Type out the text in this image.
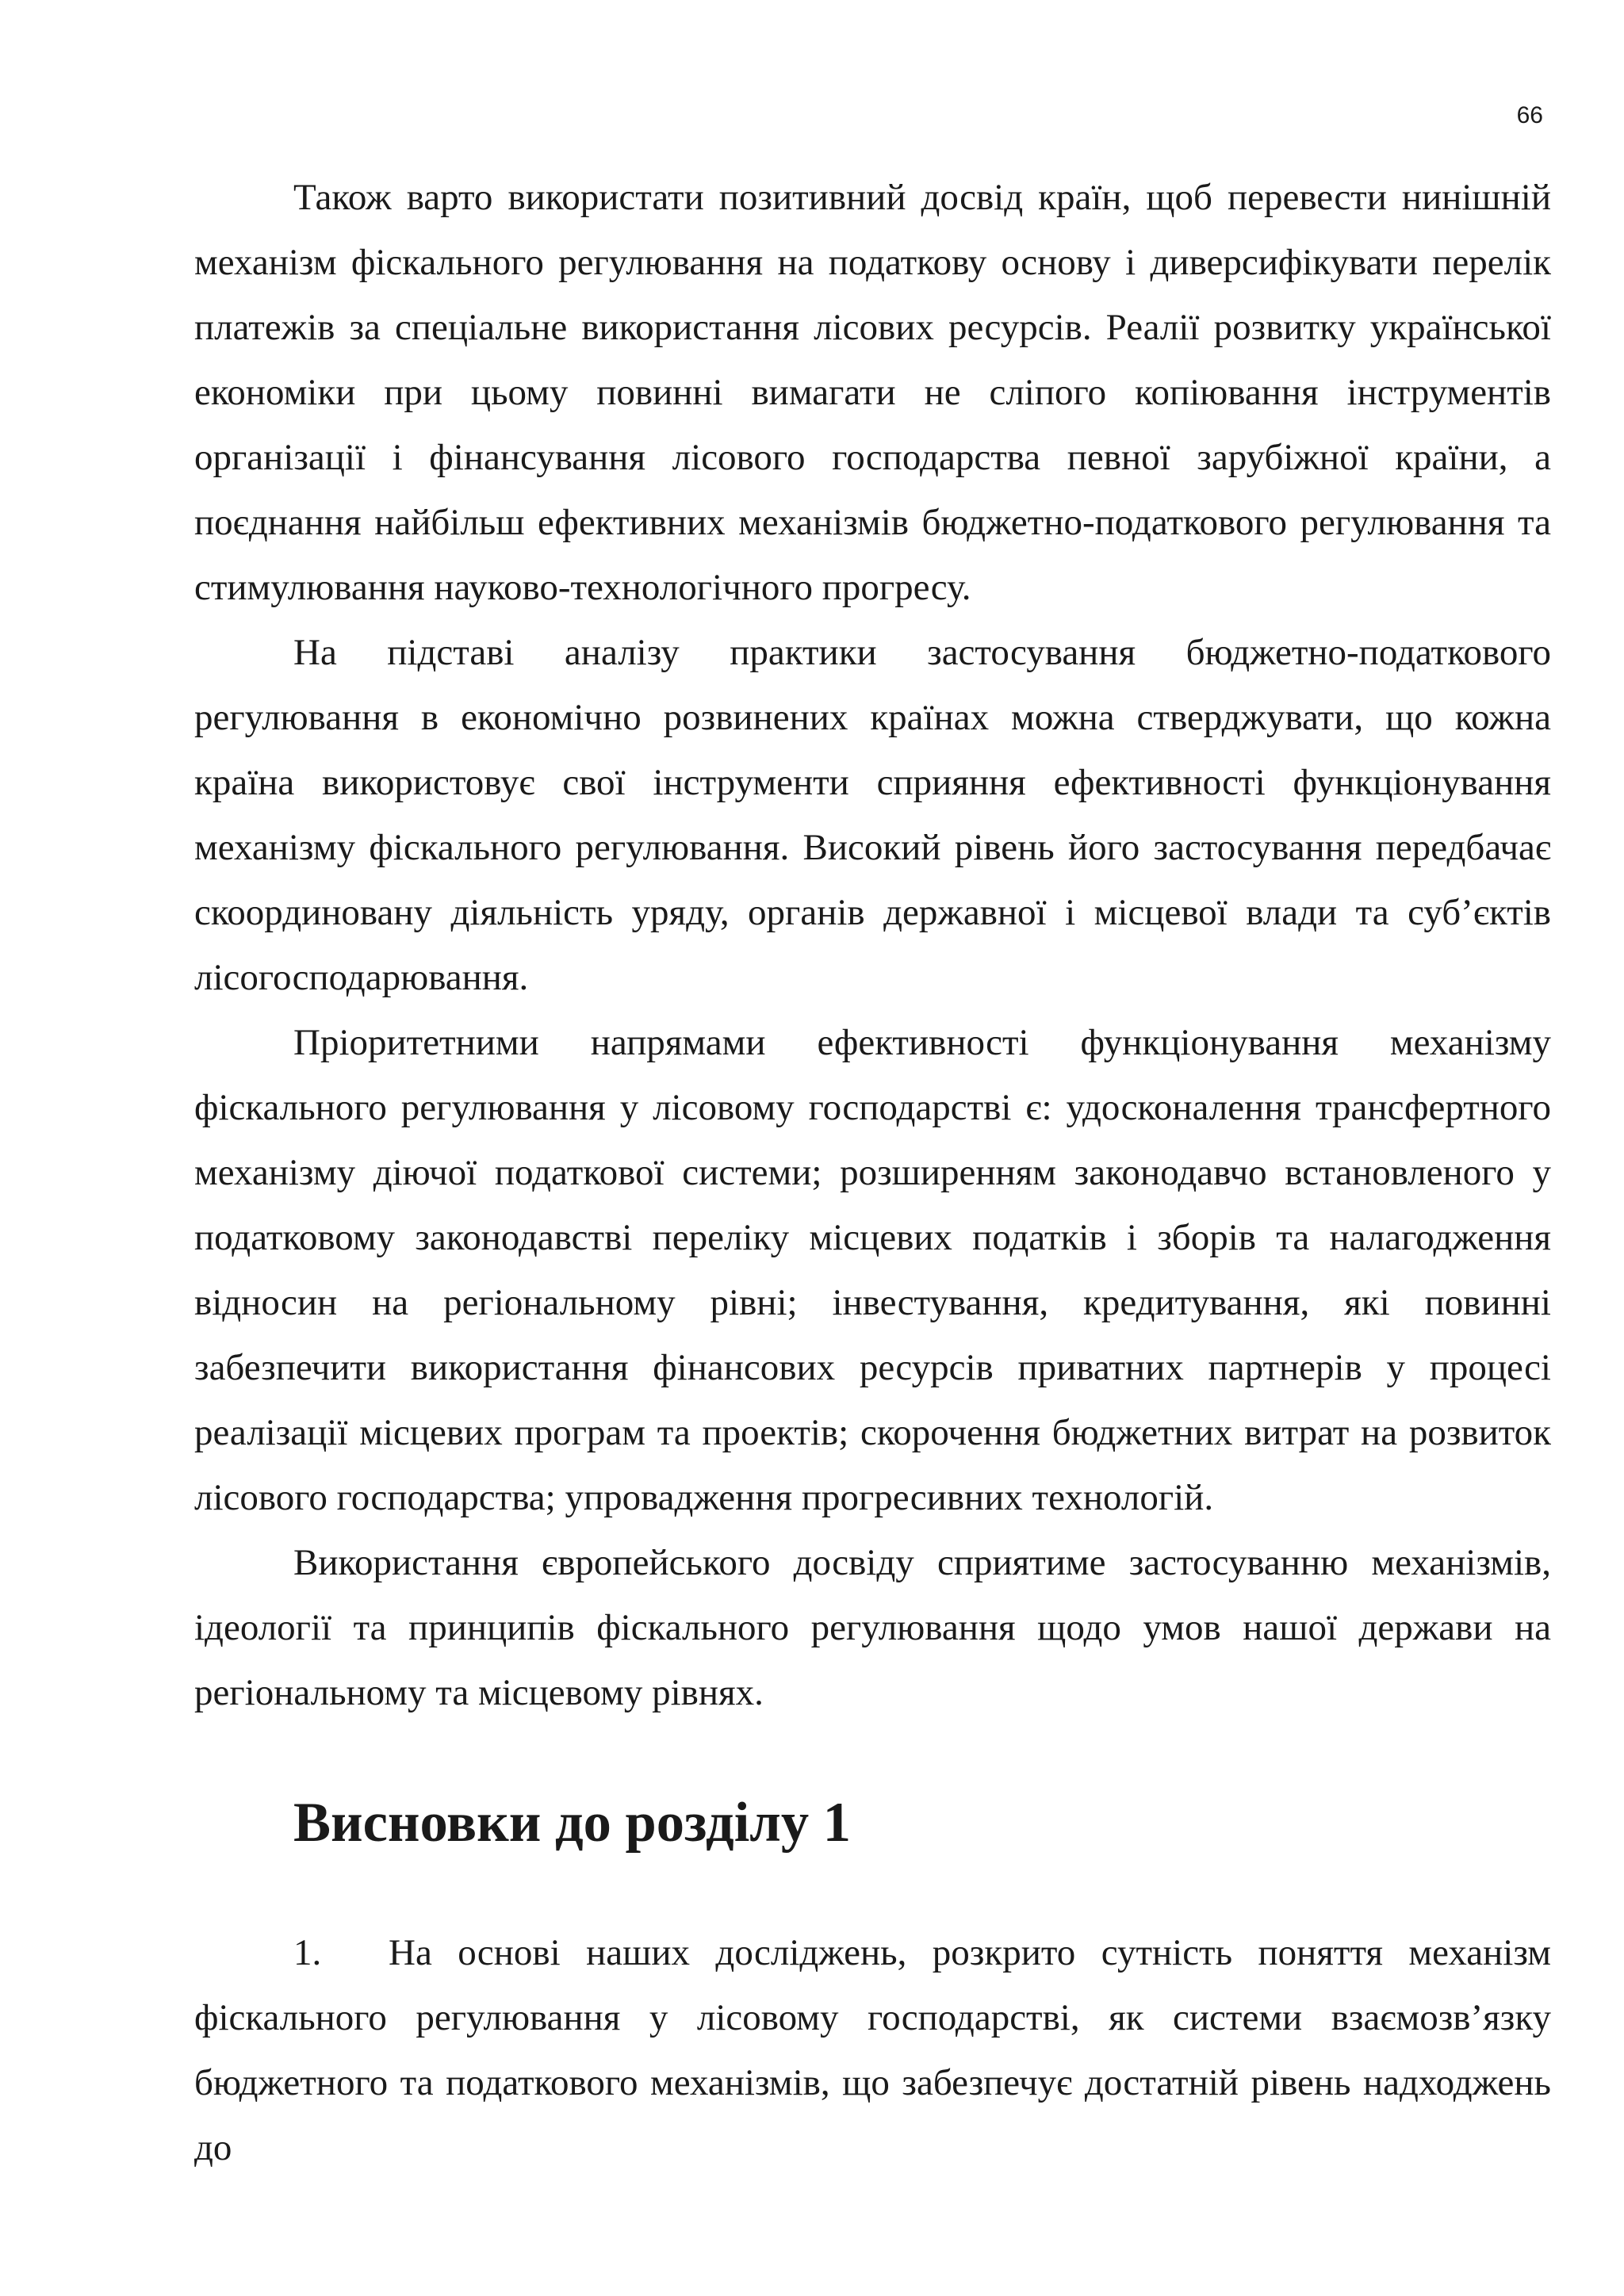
66

Також варто використати позитивний досвід країн, щоб перевести нинішній механізм фіскального регулювання на податкову основу і диверсифікувати перелік платежів за спеціальне використання лісових ресурсів. Реалії розвитку української економіки при цьому повинні вимагати не сліпого копіювання інструментів організації і фінансування лісового господарства певної зарубіжної країни, а поєднання найбільш ефективних механізмів бюджетно-податкового регулювання та стимулювання науково-технологічного прогресу.

На підставі аналізу практики застосування бюджетно-податкового регулювання в економічно розвинених країнах можна стверджувати, що кожна країна використовує свої інструменти сприяння ефективності функціонування механізму фіскального регулювання. Високий рівень його застосування передбачає скоординовану діяльність уряду, органів державної і місцевої влади та суб’єктів лісогосподарювання.

Пріоритетними напрямами ефективності функціонування механізму фіскального регулювання у лісовому господарстві є: удосконалення трансфертного механізму діючої податкової системи; розширенням законодавчо встановленого у податковому законодавстві переліку місцевих податків і зборів та налагодження відносин на регіональному рівні; інвестування, кредитування, які повинні забезпечити використання фінансових ресурсів приватних партнерів у процесі реалізації місцевих програм та проектів; скорочення бюджетних витрат на розвиток лісового господарства; упровадження прогресивних технологій.

Використання європейського досвіду сприятиме застосуванню механізмів, ідеології та принципів фіскального регулювання щодо умов нашої держави на регіональному та місцевому рівнях.

Висновки до розділу 1

1. На основі наших досліджень, розкрито сутність поняття механізм фіскального регулювання у лісовому господарстві, як системи взаємозв’язку бюджетного та податкового механізмів, що забезпечує достатній рівень надходжень до
